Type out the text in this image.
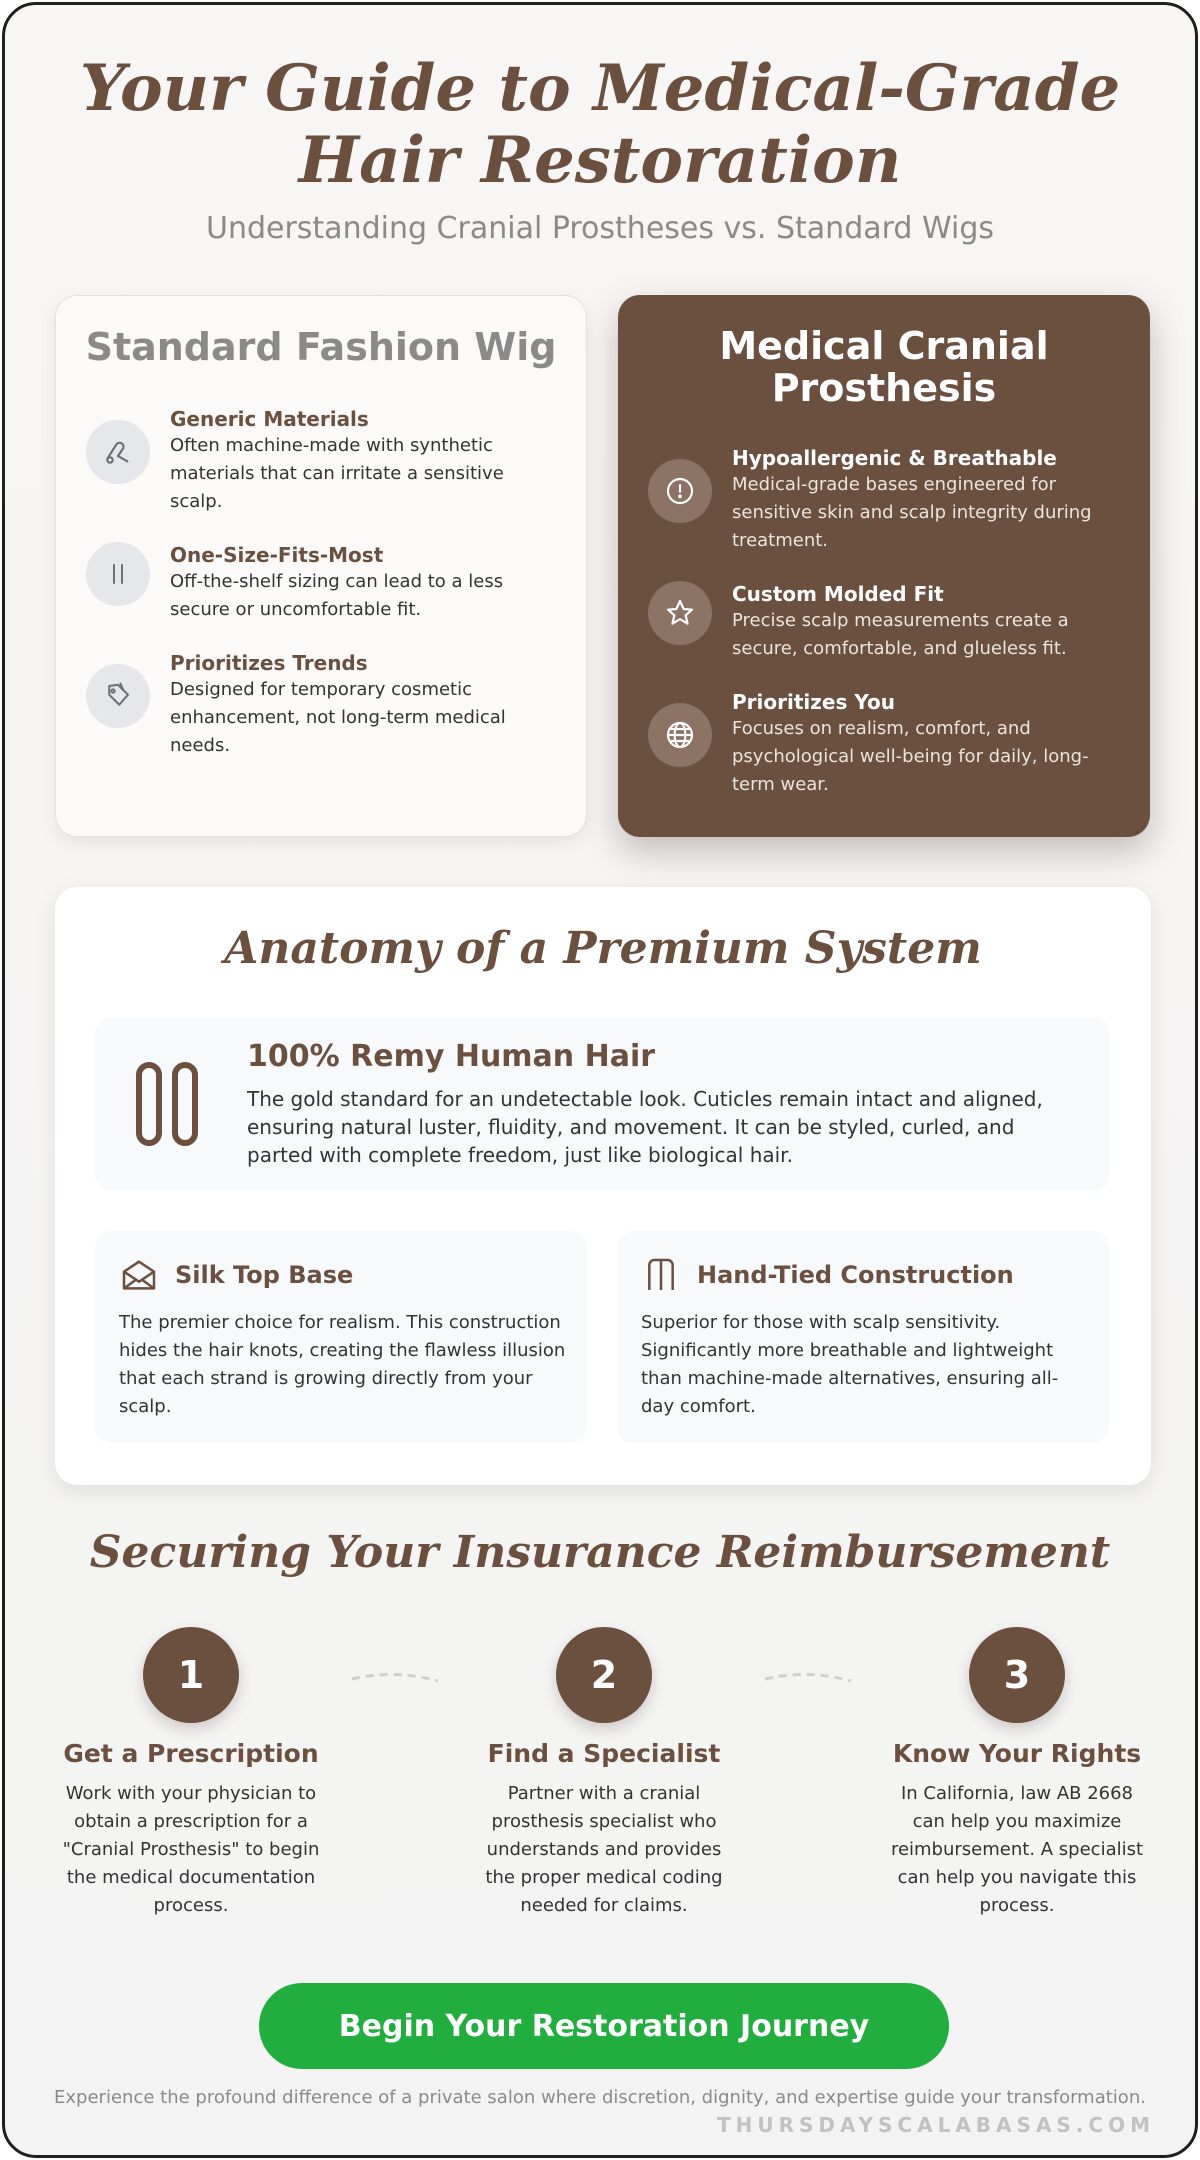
Your Guide to Medical-Grade Hair Restoration
Understanding Cranial Prostheses vs. Standard Wigs
Standard Fashion Wig
Generic Materials
Often machine-made with synthetic materials that can irritate a sensitive scalp.
One-Size-Fits-Most
Off-the-shelf sizing can lead to a less secure or uncomfortable fit.
Prioritizes Trends
Designed for temporary cosmetic enhancement, not long-term medical needs.
Medical Cranial Prosthesis
Hypoallergenic & Breathable
Medical-grade bases engineered for sensitive skin and scalp integrity during treatment.
Custom Molded Fit
Precise scalp measurements create a secure, comfortable, and glueless fit.
Prioritizes You
Focuses on realism, comfort, and psychological well-being for daily, long-term wear.
Anatomy of a Premium System
100% Remy Human Hair
The gold standard for an undetectable look. Cuticles remain intact and aligned, ensuring natural luster, fluidity, and movement. It can be styled, curled, and parted with complete freedom, just like biological hair.
Silk Top Base
The premier choice for realism. This construction hides the hair knots, creating the flawless illusion that each strand is growing directly from your scalp.
Hand-Tied Construction
Superior for those with scalp sensitivity. Significantly more breathable and lightweight than machine-made alternatives, ensuring all-day comfort.
Securing Your Insurance Reimbursement
1
Get a Prescription
Work with your physician to obtain a prescription for a "Cranial Prosthesis" to begin the medical documentation process.
2
Find a Specialist
Partner with a cranial prosthesis specialist who understands and provides the proper medical coding needed for claims.
3
Know Your Rights
In California, law AB 2668 can help you maximize reimbursement. A specialist can help you navigate this process.
Begin Your Restoration Journey
Experience the profound difference of a private salon where discretion, dignity, and expertise guide your transformation.
THURSDAYSCALABASAS.COM
